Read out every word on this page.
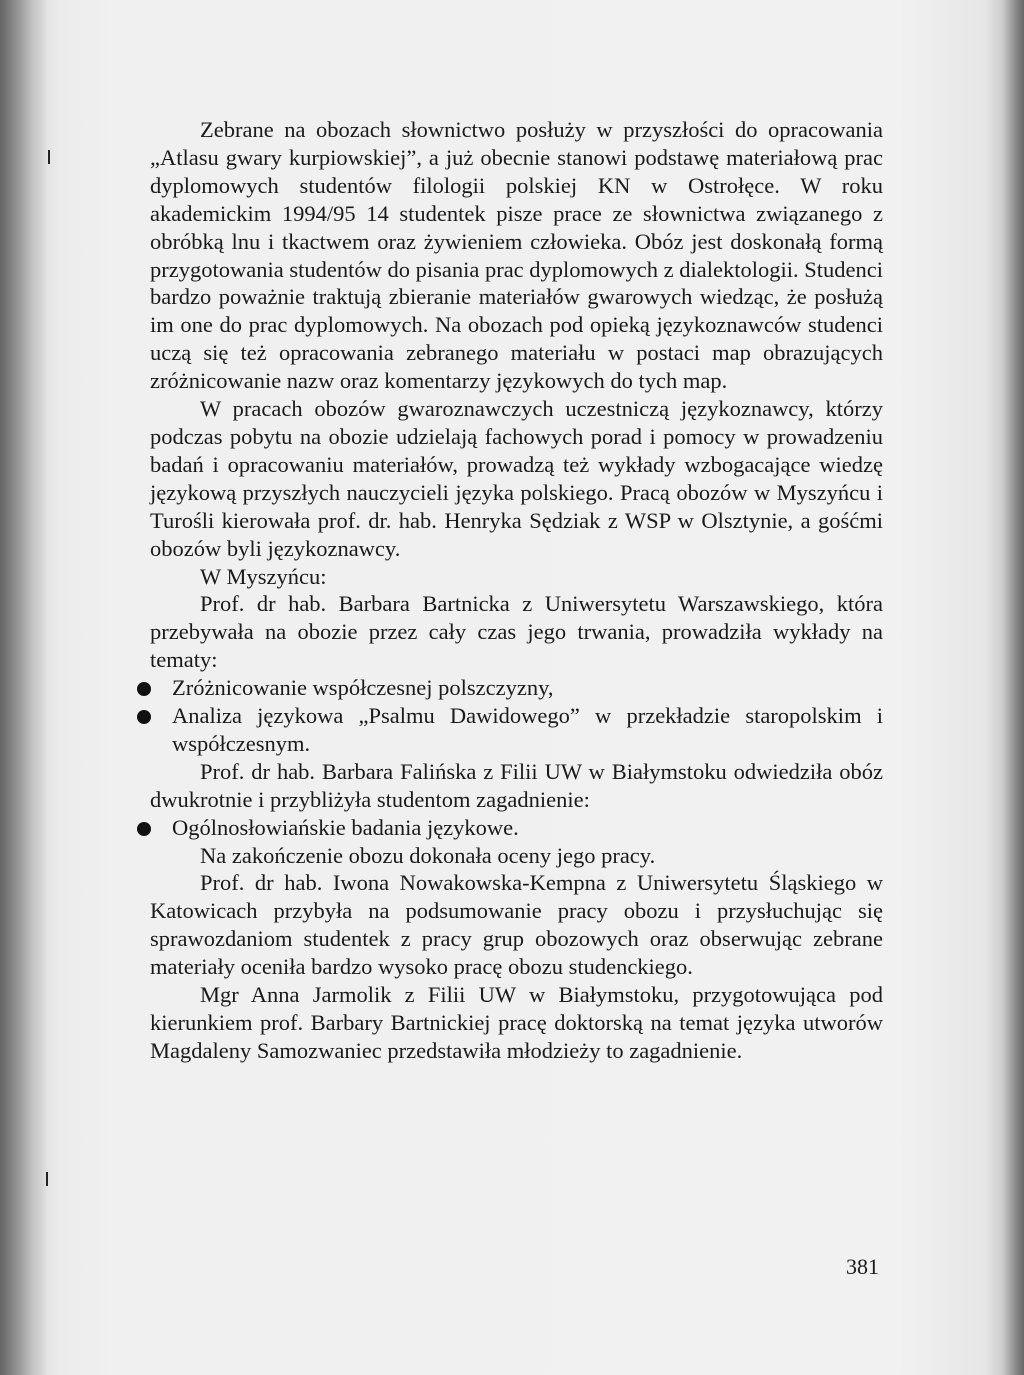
Zebrane na obozach słownictwo posłuży w przyszłości do opracowania „Atlasu gwary kurpiowskiej”, a już obecnie stanowi podstawę materiałową prac dyplomowych studentów filologii polskiej KN w Ostrołęce. W roku akademickim 1994/95 14 studentek pisze prace ze słownictwa związanego z obróbką lnu i tkactwem oraz żywieniem człowieka. Obóz jest doskonałą formą przygotowania studentów do pisania prac dyplomowych z dialektologii. Studenci bardzo poważnie traktują zbieranie materiałów gwarowych wiedząc, że posłużą im one do prac dyplomowych. Na obozach pod opieką językoznawców studenci uczą się też opracowania zebranego materiału w postaci map obrazujących zróżnicowanie nazw oraz komentarzy językowych do tych map.

W pracach obozów gwaroznawczych uczestniczą językoznawcy, którzy podczas pobytu na obozie udzielają fachowych porad i pomocy w prowadzeniu badań i opracowaniu materiałów, prowadzą też wykłady wzbogacające wiedzę językową przyszłych nauczycieli języka polskiego. Pracą obozów w Myszyńcu i Turośli kierowała prof. dr. hab. Henryka Sędziak z WSP w Olsztynie, a gośćmi obozów byli językoznawcy.

W Myszyńcu:

Prof. dr hab. Barbara Bartnicka z Uniwersytetu Warszawskiego, która przebywała na obozie przez cały czas jego trwania, prowadziła wykłady na tematy:

Zróżnicowanie współczesnej polszczyzny,
Analiza językowa „Psalmu Dawidowego” w przekładzie staropolskim i współczesnym.

Prof. dr hab. Barbara Falińska z Filii UW w Białymstoku odwiedziła obóz dwukrotnie i przybliżyła studentom zagadnienie:

Ogólnosłowiańskie badania językowe.

Na zakończenie obozu dokonała oceny jego pracy.

Prof. dr hab. Iwona Nowakowska-Kempna z Uniwersytetu Śląskiego w Katowicach przybyła na podsumowanie pracy obozu i przysłuchując się sprawozdaniom studentek z pracy grup obozowych oraz obserwując zebrane materiały oceniła bardzo wysoko pracę obozu studenckiego.

Mgr Anna Jarmolik z Filii UW w Białymstoku, przygotowująca pod kierunkiem prof. Barbary Bartnickiej pracę doktorską na temat języka utworów Magdaleny Samozwaniec przedstawiła młodzieży to zagadnienie.

381
